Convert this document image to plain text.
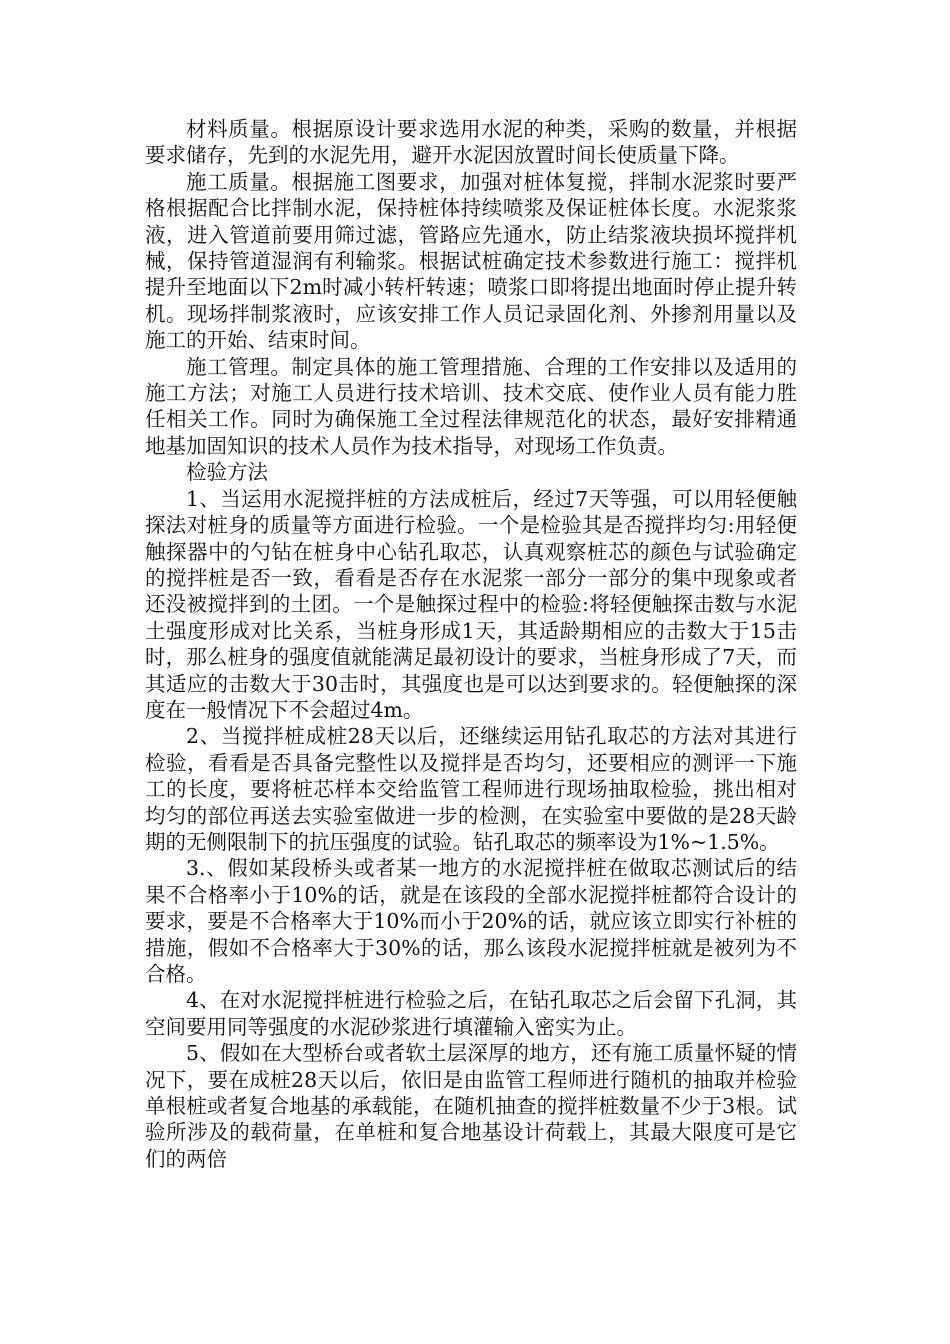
材料质量。根据原设计要求选用水泥的种类，采购的数量，并根据要求储存，先到的水泥先用，避开水泥因放置时间长使质量下降。

施工质量。根据施工图要求，加强对桩体复搅，拌制水泥浆时要严格根据配合比拌制水泥，保持桩体持续喷浆及保证桩体长度。水泥浆浆液，进入管道前要用筛过滤，管路应先通水，防止结浆液块损坏搅拌机械，保持管道湿润有利输浆。根据试桩确定技术参数进行施工：搅拌机提升至地面以下2m时减小转杆转速；喷浆口即将提出地面时停止提升转机。现场拌制浆液时，应该安排工作人员记录固化剂、外掺剂用量以及施工的开始、结束时间。

施工管理。制定具体的施工管理措施、合理的工作安排以及适用的施工方法；对施工人员进行技术培训、技术交底、使作业人员有能力胜任相关工作。同时为确保施工全过程法律规范化的状态，最好安排精通地基加固知识的技术人员作为技术指导，对现场工作负责。

检验方法

1、当运用水泥搅拌桩的方法成桩后，经过7天等强，可以用轻便触探法对桩身的质量等方面进行检验。一个是检验其是否搅拌均匀:用轻便触探器中的勺钻在桩身中心钻孔取芯，认真观察桩芯的颜色与试验确定的搅拌桩是否一致，看看是否存在水泥浆一部分一部分的集中现象或者还没被搅拌到的土团。一个是触探过程中的检验:将轻便触探击数与水泥土强度形成对比关系，当桩身形成1天，其适龄期相应的击数大于15击时，那么桩身的强度值就能满足最初设计的要求，当桩身形成了7天，而其适应的击数大于30击时，其强度也是可以达到要求的。轻便触探的深度在一般情况下不会超过4m。

2、当搅拌桩成桩28天以后，还继续运用钻孔取芯的方法对其进行检验，看看是否具备完整性以及搅拌是否均匀，还要相应的测评一下施工的长度，要将桩芯样本交给监管工程师进行现场抽取检验，挑出相对均匀的部位再送去实验室做进一步的检测，在实验室中要做的是28天龄期的无侧限制下的抗压强度的试验。钻孔取芯的频率设为1%~1.5%。

3.、假如某段桥头或者某一地方的水泥搅拌桩在做取芯测试后的结果不合格率小于10%的话，就是在该段的全部水泥搅拌桩都符合设计的要求，要是不合格率大于10%而小于20%的话，就应该立即实行补桩的措施，假如不合格率大于30%的话，那么该段水泥搅拌桩就是被列为不合格。

4、在对水泥搅拌桩进行检验之后，在钻孔取芯之后会留下孔洞，其空间要用同等强度的水泥砂浆进行填灌输入密实为止。

5、假如在大型桥台或者软土层深厚的地方，还有施工质量怀疑的情况下，要在成桩28天以后，依旧是由监管工程师进行随机的抽取并检验单根桩或者复合地基的承载能，在随机抽查的搅拌桩数量不少于3根。试验所涉及的载荷量，在单桩和复合地基设计荷载上，其最大限度可是它们的两倍
